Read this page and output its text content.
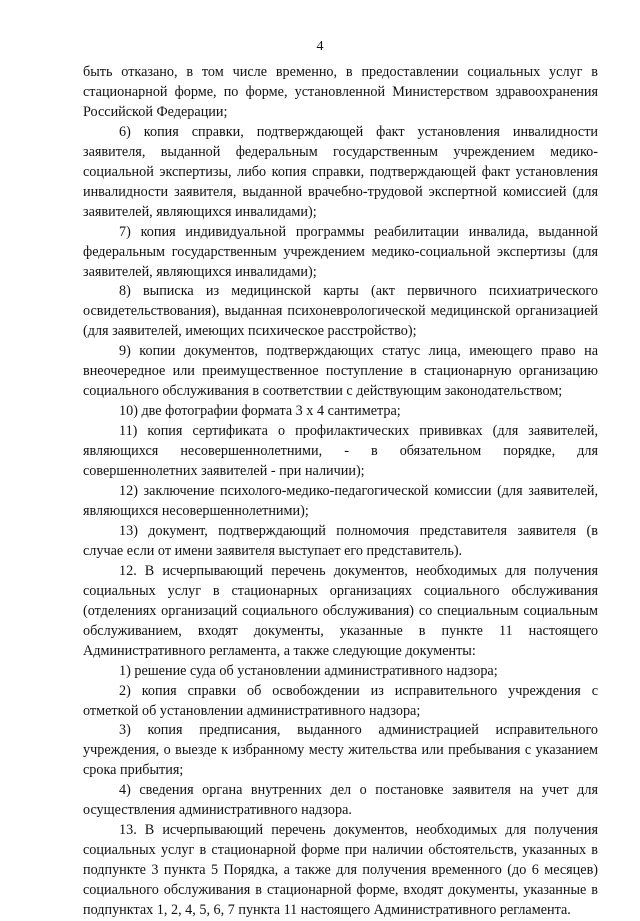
4

быть отказано, в том числе временно, в предоставлении социальных услуг в стационарной форме, по форме, установленной Министерством здравоохранения Российской Федерации;

6) копия справки, подтверждающей факт установления инвалидности заявителя, выданной федеральным государственным учреждением медико-социальной экспертизы, либо копия справки, подтверждающей факт установления инвалидности заявителя, выданной врачебно-трудовой экспертной комиссией (для заявителей, являющихся инвалидами);

7) копия индивидуальной программы реабилитации инвалида, выданной федеральным государственным учреждением медико-социальной экспертизы (для заявителей, являющихся инвалидами);

8) выписка из медицинской карты (акт первичного психиатрического освидетельствования), выданная психоневрологической медицинской организацией (для заявителей, имеющих психическое расстройство);

9) копии документов, подтверждающих статус лица, имеющего право на внеочередное или преимущественное поступление в стационарную организацию социального обслуживания в соответствии с действующим законодательством;

10) две фотографии формата 3 х 4 сантиметра;

11) копия сертификата о профилактических прививках (для заявителей, являющихся несовершеннолетними, - в обязательном порядке, для совершеннолетних заявителей - при наличии);

12) заключение психолого-медико-педагогической комиссии (для заявителей, являющихся несовершеннолетними);

13) документ, подтверждающий полномочия представителя заявителя (в случае если от имени заявителя выступает его представитель).

12. В исчерпывающий перечень документов, необходимых для получения социальных услуг в стационарных организациях социального обслуживания (отделениях организаций социального обслуживания) со специальным социальным обслуживанием, входят документы, указанные в пункте 11 настоящего Административного регламента, а также следующие документы:

1) решение суда об установлении административного надзора;

2) копия справки об освобождении из исправительного учреждения с отметкой об установлении административного надзора;

3) копия предписания, выданного администрацией исправительного учреждения, о выезде к избранному месту жительства или пребывания с указанием срока прибытия;

4) сведения органа внутренних дел о постановке заявителя на учет для осуществления административного надзора.

13. В исчерпывающий перечень документов, необходимых для получения социальных услуг в стационарной форме при наличии обстоятельств, указанных в подпункте 3 пункта 5 Порядка, а также для получения временного (до 6 месяцев) социального обслуживания в стационарной форме, входят документы, указанные в подпунктах 1, 2, 4, 5, 6, 7 пункта 11 настоящего Административного регламента.
